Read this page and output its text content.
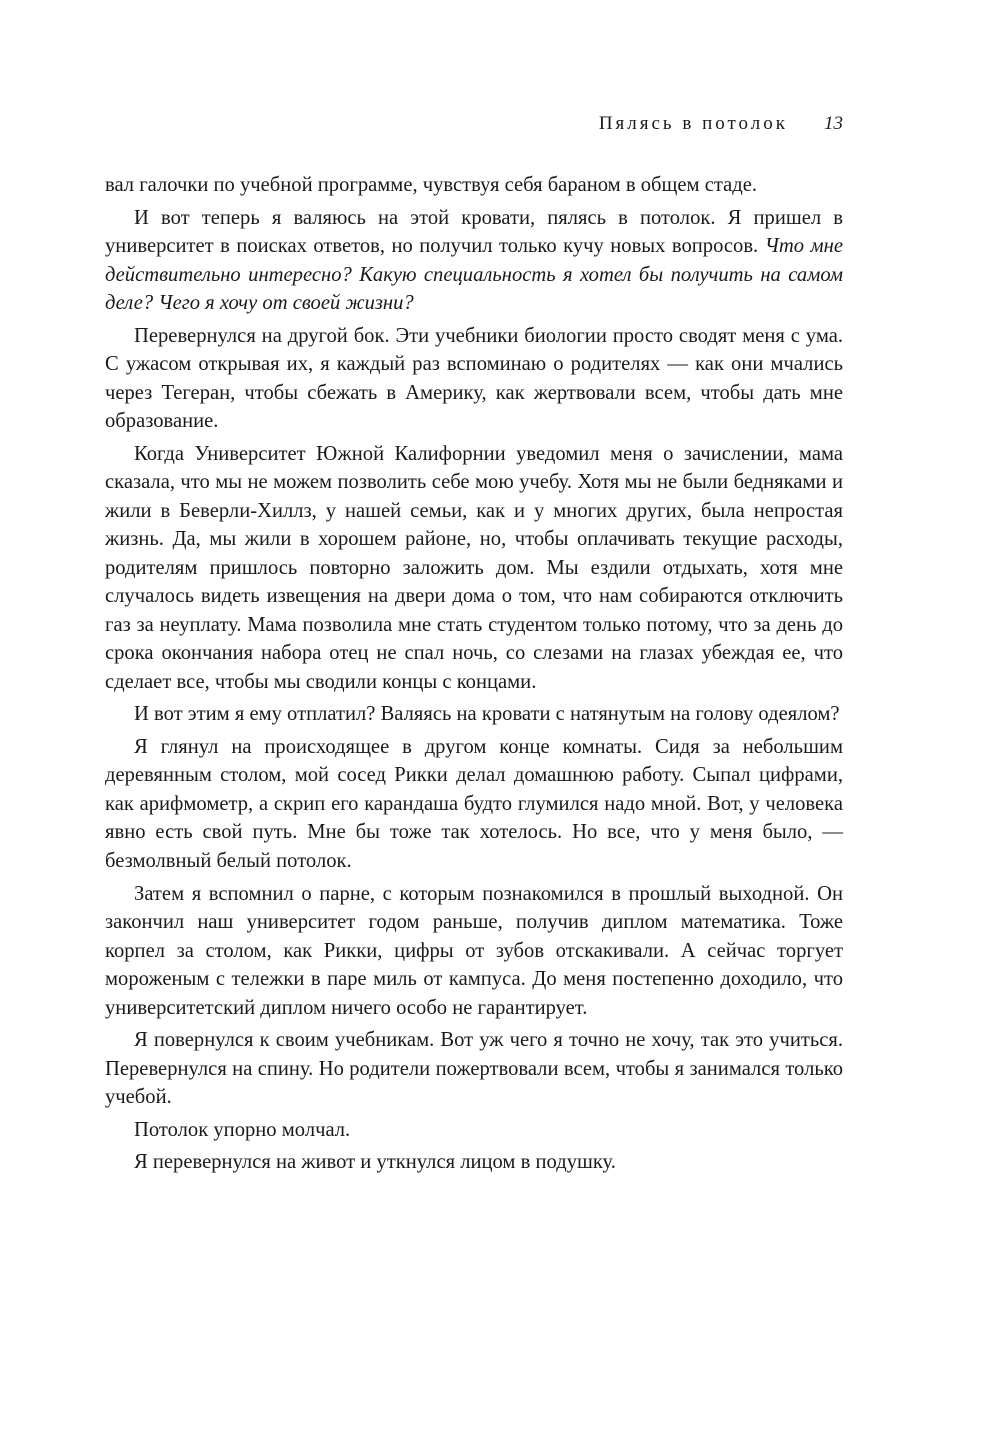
Пялясь в потолок 13

вал галочки по учебной программе, чувствуя себя бараном в общем стаде.

И вот теперь я валяюсь на этой кровати, пялясь в потолок. Я пришел в университет в поисках ответов, но получил только кучу новых вопросов. Что мне действительно интересно? Какую специальность я хотел бы получить на самом деле? Чего я хочу от своей жизни?

Перевернулся на другой бок. Эти учебники биологии просто сводят меня с ума. С ужасом открывая их, я каждый раз вспоминаю о родителях — как они мчались через Тегеран, чтобы сбежать в Америку, как жертвовали всем, чтобы дать мне образование.

Когда Университет Южной Калифорнии уведомил меня о зачислении, мама сказала, что мы не можем позволить себе мою учебу. Хотя мы не были бедняками и жили в Беверли-Хиллз, у нашей семьи, как и у многих других, была непростая жизнь. Да, мы жили в хорошем районе, но, чтобы оплачивать текущие расходы, родителям пришлось повторно заложить дом. Мы ездили отдыхать, хотя мне случалось видеть извещения на двери дома о том, что нам собираются отключить газ за неуплату. Мама позволила мне стать студентом только потому, что за день до срока окончания набора отец не спал ночь, со слезами на глазах убеждая ее, что сделает все, чтобы мы сводили концы с концами.

И вот этим я ему отплатил? Валяясь на кровати с натянутым на голову одеялом?

Я глянул на происходящее в другом конце комнаты. Сидя за небольшим деревянным столом, мой сосед Рикки делал домашнюю работу. Сыпал цифрами, как арифмометр, а скрип его карандаша будто глумился надо мной. Вот, у человека явно есть свой путь. Мне бы тоже так хотелось. Но все, что у меня было, — безмолвный белый потолок.

Затем я вспомнил о парне, с которым познакомился в прошлый выходной. Он закончил наш университет годом раньше, получив диплом математика. Тоже корпел за столом, как Рикки, цифры от зубов отскакивали. А сейчас торгует мороженым с тележки в паре миль от кампуса. До меня постепенно доходило, что университетский диплом ничего особо не гарантирует.

Я повернулся к своим учебникам. Вот уж чего я точно не хочу, так это учиться. Перевернулся на спину. Но родители пожертвовали всем, чтобы я занимался только учебой.

Потолок упорно молчал.

Я перевернулся на живот и уткнулся лицом в подушку.
